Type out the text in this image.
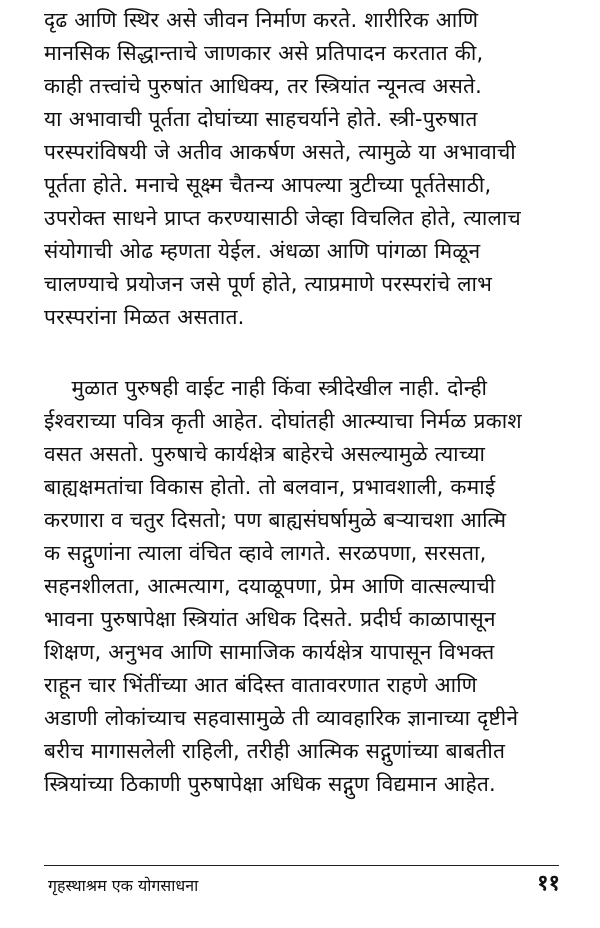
दृढ आणि स्थिर असे जीवन निर्माण करते. शारीरिक आणि
मानसिक सिद्धान्ताचे जाणकार असे प्रतिपादन करतात की,
काही तत्त्वांचे पुरुषांत आधिक्य, तर स्त्रियांत न्यूनत्व असते.
या अभावाची पूर्तता दोघांच्या साहचर्याने होते. स्त्री-पुरुषात
परस्परांविषयी जे अतीव आकर्षण असते, त्यामुळे या अभावाची
पूर्तता होते. मनाचे सूक्ष्म चैतन्य आपल्या त्रुटीच्या पूर्ततेसाठी,
उपरोक्त साधने प्राप्त करण्यासाठी जेव्हा विचलित होते, त्यालाच
संयोगाची ओढ म्हणता येईल. अंधळा आणि पांगळा मिळून
चालण्याचे प्रयोजन जसे पूर्ण होते, त्याप्रमाणे परस्परांचे लाभ
परस्परांना मिळत असतात.
मुळात पुरुषही वाईट नाही किंवा स्त्रीदेखील नाही. दोन्ही
ईश्वराच्या पवित्र कृती आहेत. दोघांतही आत्म्याचा निर्मळ प्रकाश
वसत असतो. पुरुषाचे कार्यक्षेत्र बाहेरचे असल्यामुळे त्याच्या
बाह्यक्षमतांचा विकास होतो. तो बलवान, प्रभावशाली, कमाई
करणारा व चतुर दिसतो; पण बाह्यसंघर्षामुळे बऱ्याचशा आत्मि
क सद्गुणांना त्याला वंचित व्हावे लागते. सरळपणा, सरसता,
सहनशीलता, आत्मत्याग, दयाळूपणा, प्रेम आणि वात्सल्याची
भावना पुरुषापेक्षा स्त्रियांत अधिक दिसते. प्रदीर्घ काळापासून
शिक्षण, अनुभव आणि सामाजिक कार्यक्षेत्र यापासून विभक्त
राहून चार भिंतींच्या आत बंदिस्त वातावरणात राहणे आणि
अडाणी लोकांच्याच सहवासामुळे ती व्यावहारिक ज्ञानाच्या दृष्टीने
बरीच मागासलेली राहिली, तरीही आत्मिक सद्गुणांच्या बाबतीत
स्त्रियांच्या ठिकाणी पुरुषापेक्षा अधिक सद्गुण विद्यमान आहेत.
गृहस्थाश्रम एक योगसाधना	११
